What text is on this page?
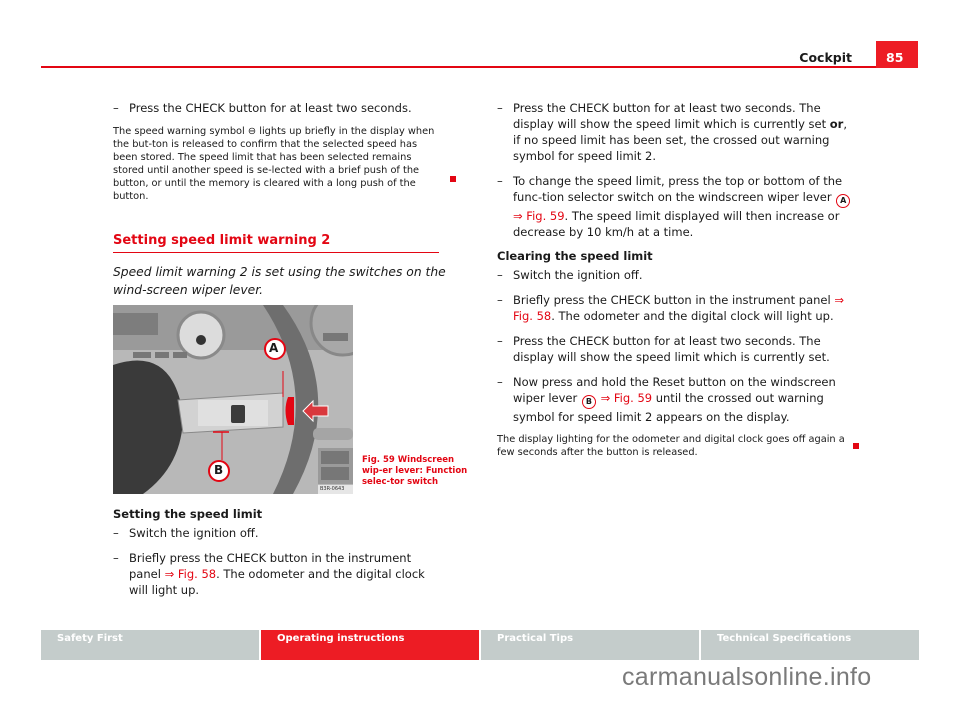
Cockpit	85

– Press the CHECK button for at least two seconds.

The speed warning symbol ⊖ lights up briefly in the display when the but-ton is released to confirm that the selected speed has been stored. The speed limit that has been selected remains stored until another speed is se-lected with a brief push of the button, or until the memory is cleared with a long push of the button.

Setting speed limit warning 2
Speed limit warning 2 is set using the switches on the wind-screen wiper lever.
A
B
B3R-0643
Fig. 59 Windscreen wip-er lever: Function selec-tor switch

Setting the speed limit

– Switch the ignition off.

– Briefly press the CHECK button in the instrument panel ⇒ Fig. 58. The odometer and the digital clock will light up.

– Press the CHECK button for at least two seconds. The display will show the speed limit which is currently set or, if no speed limit has been set, the crossed out warning symbol for speed limit 2.

– To change the speed limit, press the top or bottom of the func-tion selector switch on the windscreen wiper lever A ⇒ Fig. 59. The speed limit displayed will then increase or decrease by 10 km/h at a time.

Clearing the speed limit

– Switch the ignition off.

– Briefly press the CHECK button in the instrument panel ⇒ Fig. 58. The odometer and the digital clock will light up.

– Press the CHECK button for at least two seconds. The display will show the speed limit which is currently set.

– Now press and hold the Reset button on the windscreen wiper lever B ⇒ Fig. 59 until the crossed out warning symbol for speed limit 2 appears on the display.

The display lighting for the odometer and digital clock goes off again a few seconds after the button is released.

Safety First	Operating instructions	Practical Tips	Technical Specifications
carmanualsonline.info
